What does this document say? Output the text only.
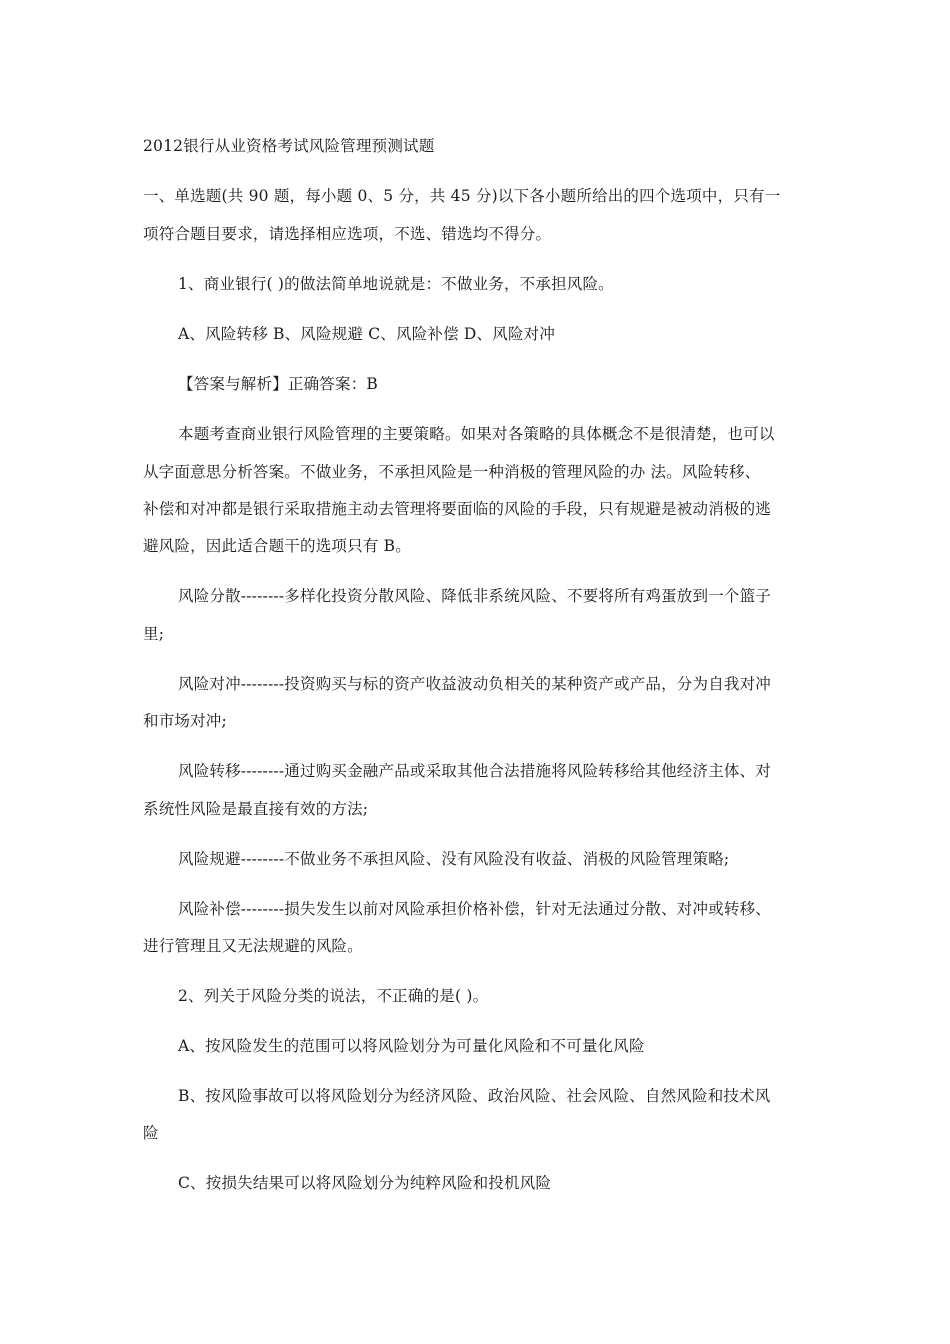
2012银行从业资格考试风险管理预测试题
一、单选题(共 90 题，每小题 0、5 分，共 45 分)以下各小题所给出的四个选项中，只有一
项符合题目要求，请选择相应选项，不选、错选均不得分。
1、商业银行( )的做法简单地说就是：不做业务，不承担风险。
A、风险转移 B、风险规避 C、风险补偿 D、风险对冲
【答案与解析】正确答案：B
本题考查商业银行风险管理的主要策略。如果对各策略的具体概念不是很清楚，也可以
从字面意思分析答案。不做业务，不承担风险是一种消极的管理风险的办 法。风险转移、
补偿和对冲都是银行采取措施主动去管理将要面临的风险的手段，只有规避是被动消极的逃
避风险，因此适合题干的选项只有 B。
风险分散--------多样化投资分散风险、降低非系统风险、不要将所有鸡蛋放到一个篮子
里;
风险对冲--------投资购买与标的资产收益波动负相关的某种资产或产品，分为自我对冲
和市场对冲;
风险转移--------通过购买金融产品或采取其他合法措施将风险转移给其他经济主体、对
系统性风险是最直接有效的方法;
风险规避--------不做业务不承担风险、没有风险没有收益、消极的风险管理策略;
风险补偿--------损失发生以前对风险承担价格补偿，针对无法通过分散、对冲或转移、
进行管理且又无法规避的风险。
2、列关于风险分类的说法，不正确的是( )。
A、按风险发生的范围可以将风险划分为可量化风险和不可量化风险
B、按风险事故可以将风险划分为经济风险、政治风险、社会风险、自然风险和技术风
险
C、按损失结果可以将风险划分为纯粹风险和投机风险
